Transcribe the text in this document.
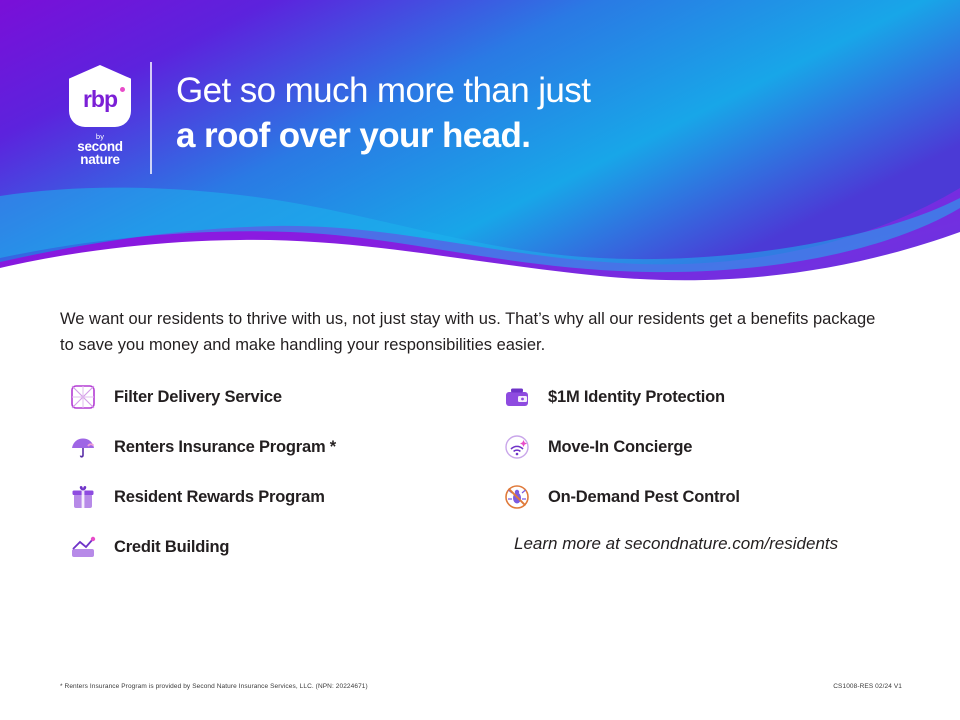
rbp
by
second
nature
Get so much more than just
a roof over your head.
We want our residents to thrive with us, not just stay with us. That’s why all our residents get a benefits package to save you money and make handling your responsibilities easier.
Filter Delivery Service
Renters Insurance Program *
Resident Rewards Program
Credit Building
$1M Identity Protection
Move-In Concierge
On-Demand Pest Control
Learn more at secondnature.com/residents
* Renters Insurance Program is provided by Second Nature Insurance Services, LLC. (NPN: 20224671)	CS1008-RES 02/24 V1
